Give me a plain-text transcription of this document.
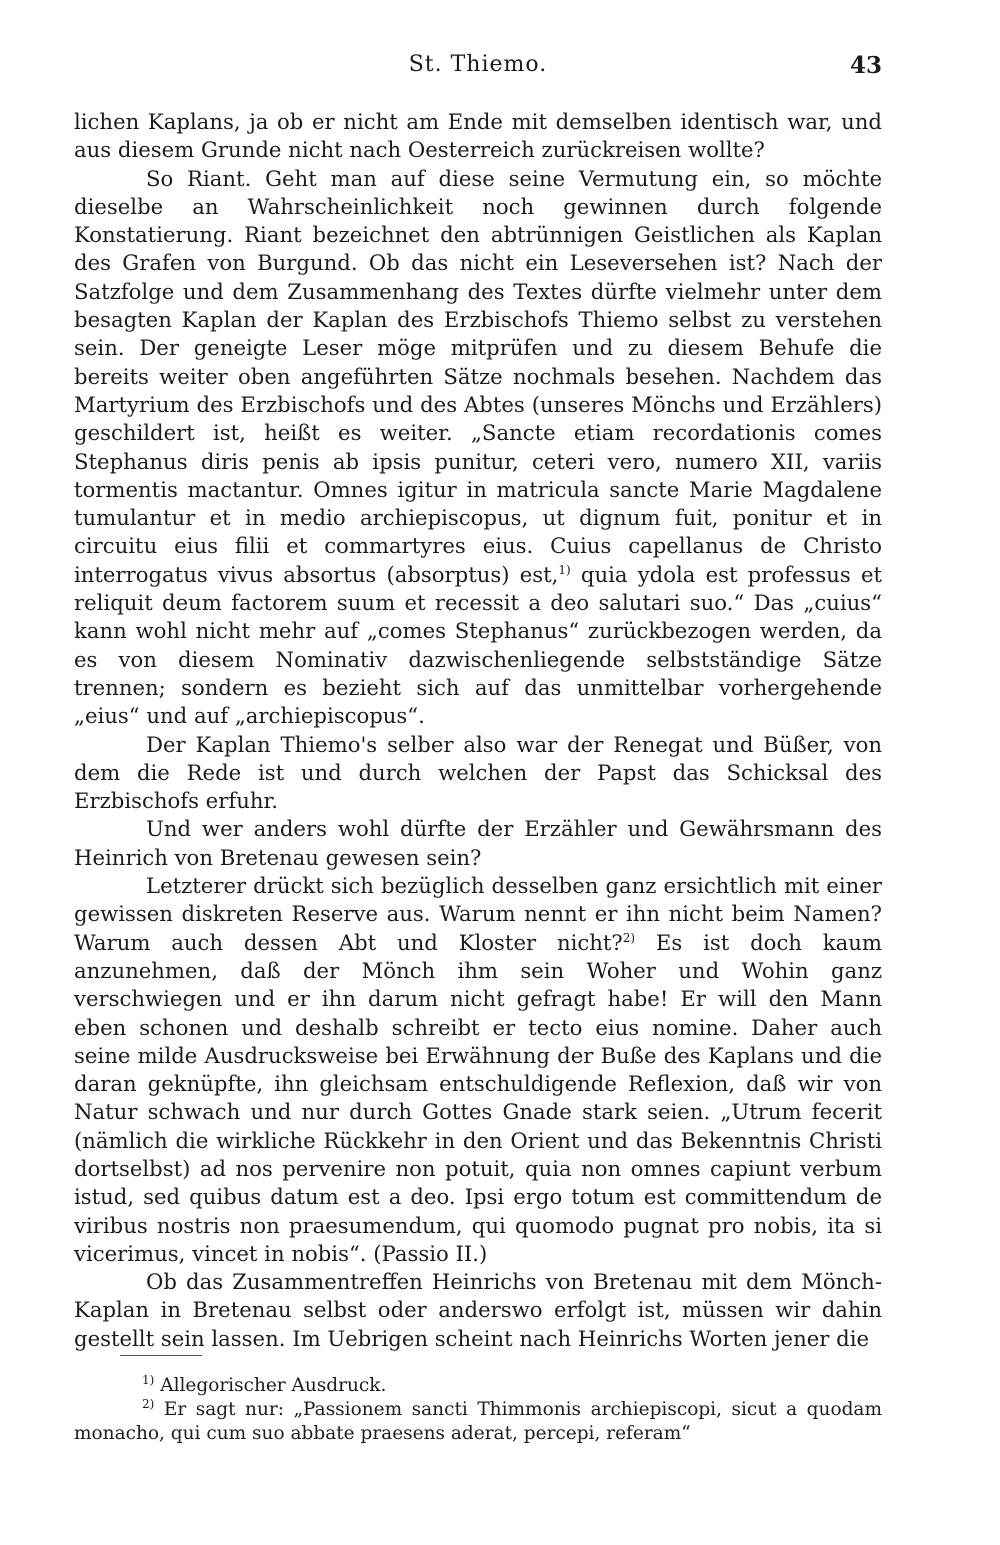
St. Thiemo.	43

lichen Kaplans, ja ob er nicht am Ende mit demselben identisch war, und aus diesem Grunde nicht nach Oesterreich zurückreisen wollte?

So Riant. Geht man auf diese seine Vermutung ein, so möchte dieselbe an Wahrscheinlichkeit noch gewinnen durch folgende Konstatierung. Riant bezeichnet den abtrünnigen Geistlichen als Kaplan des Grafen von Burgund. Ob das nicht ein Leseversehen ist? Nach der Satzfolge und dem Zusammenhang des Textes dürfte vielmehr unter dem besagten Kaplan der Kaplan des Erzbischofs Thiemo selbst zu verstehen sein. Der geneigte Leser möge mitprüfen und zu diesem Behufe die bereits weiter oben angeführten Sätze nochmals besehen. Nachdem das Martyrium des Erzbischofs und des Abtes (unseres Mönchs und Erzählers) geschildert ist, heißt es weiter. „Sancte etiam recordationis comes Stephanus diris penis ab ipsis punitur, ceteri vero, numero XII, variis tormentis mactantur. Omnes igitur in matricula sancte Marie Magdalene tumulantur et in medio archiepiscopus, ut dignum fuit, ponitur et in circuitu eius filii et commartyres eius. Cuius capellanus de Christo interrogatus vivus absortus (absorptus) est,$^{1)}$ quia ydola est professus et reliquit deum factorem suum et recessit a deo salutari suo.“ Das „cuius“ kann wohl nicht mehr auf „comes Stephanus“ zurückbezogen werden, da es von diesem Nominativ dazwischenliegende selbstständige Sätze trennen; sondern es bezieht sich auf das unmittelbar vorhergehende „eius“ und auf „archiepiscopus“.

Der Kaplan Thiemo's selber also war der Renegat und Büßer, von dem die Rede ist und durch welchen der Papst das Schicksal des Erzbischofs erfuhr.

Und wer anders wohl dürfte der Erzähler und Gewährsmann des Heinrich von Bretenau gewesen sein?

Letzterer drückt sich bezüglich desselben ganz ersichtlich mit einer gewissen diskreten Reserve aus. Warum nennt er ihn nicht beim Namen? Warum auch dessen Abt und Kloster nicht?$^{2)}$ Es ist doch kaum anzunehmen, daß der Mönch ihm sein Woher und Wohin ganz verschwiegen und er ihn darum nicht gefragt habe! Er will den Mann eben schonen und deshalb schreibt er tecto eius nomine. Daher auch seine milde Ausdrucksweise bei Erwähnung der Buße des Kaplans und die daran geknüpfte, ihn gleichsam entschuldigende Reflexion, daß wir von Natur schwach und nur durch Gottes Gnade stark seien. „Utrum fecerit (nämlich die wirkliche Rückkehr in den Orient und das Bekenntnis Christi dortselbst) ad nos pervenire non potuit, quia non omnes capiunt verbum istud, sed quibus datum est a deo. Ipsi ergo totum est committendum de viribus nostris non praesumendum, qui quomodo pugnat pro nobis, ita si vicerimus, vincet in nobis“. (Passio II.)

Ob das Zusammentreffen Heinrichs von Bretenau mit dem Mönch-Kaplan in Bretenau selbst oder anderswo erfolgt ist, müssen wir dahin gestellt sein lassen. Im Uebrigen scheint nach Heinrichs Worten jener die

$^{1)}$ Allegorischer Ausdruck.

$^{2)}$ Er sagt nur: „Passionem sancti Thimmonis archiepiscopi, sicut a quodam monacho, qui cum suo abbate praesens aderat, percepi, referam“
